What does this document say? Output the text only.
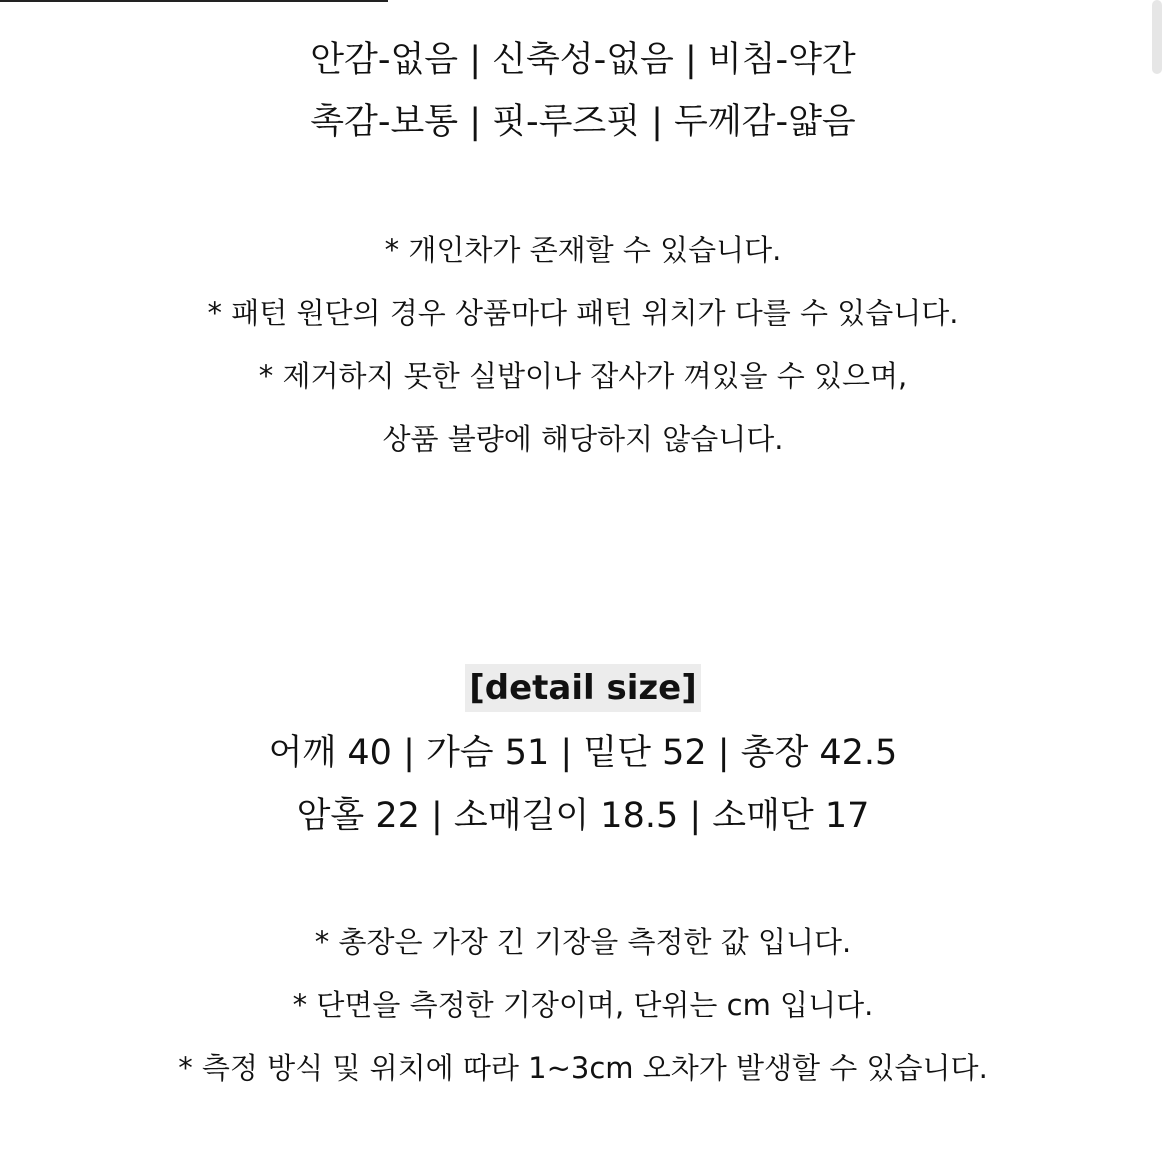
안감-없음 | 신축성-없음 | 비침-약간
촉감-보통 | 핏-루즈핏 | 두께감-얇음
* 개인차가 존재할 수 있습니다.
* 패턴 원단의 경우 상품마다 패턴 위치가 다를 수 있습니다.
* 제거하지 못한 실밥이나 잡사가 껴있을 수 있으며,
상품 불량에 해당하지 않습니다.
[detail size]
어깨 40 | 가슴 51 | 밑단 52 | 총장 42.5
암홀 22 | 소매길이 18.5 | 소매단 17
* 총장은 가장 긴 기장을 측정한 값 입니다.
* 단면을 측정한 기장이며, 단위는 cm 입니다.
* 측정 방식 및 위치에 따라 1~3cm 오차가 발생할 수 있습니다.
